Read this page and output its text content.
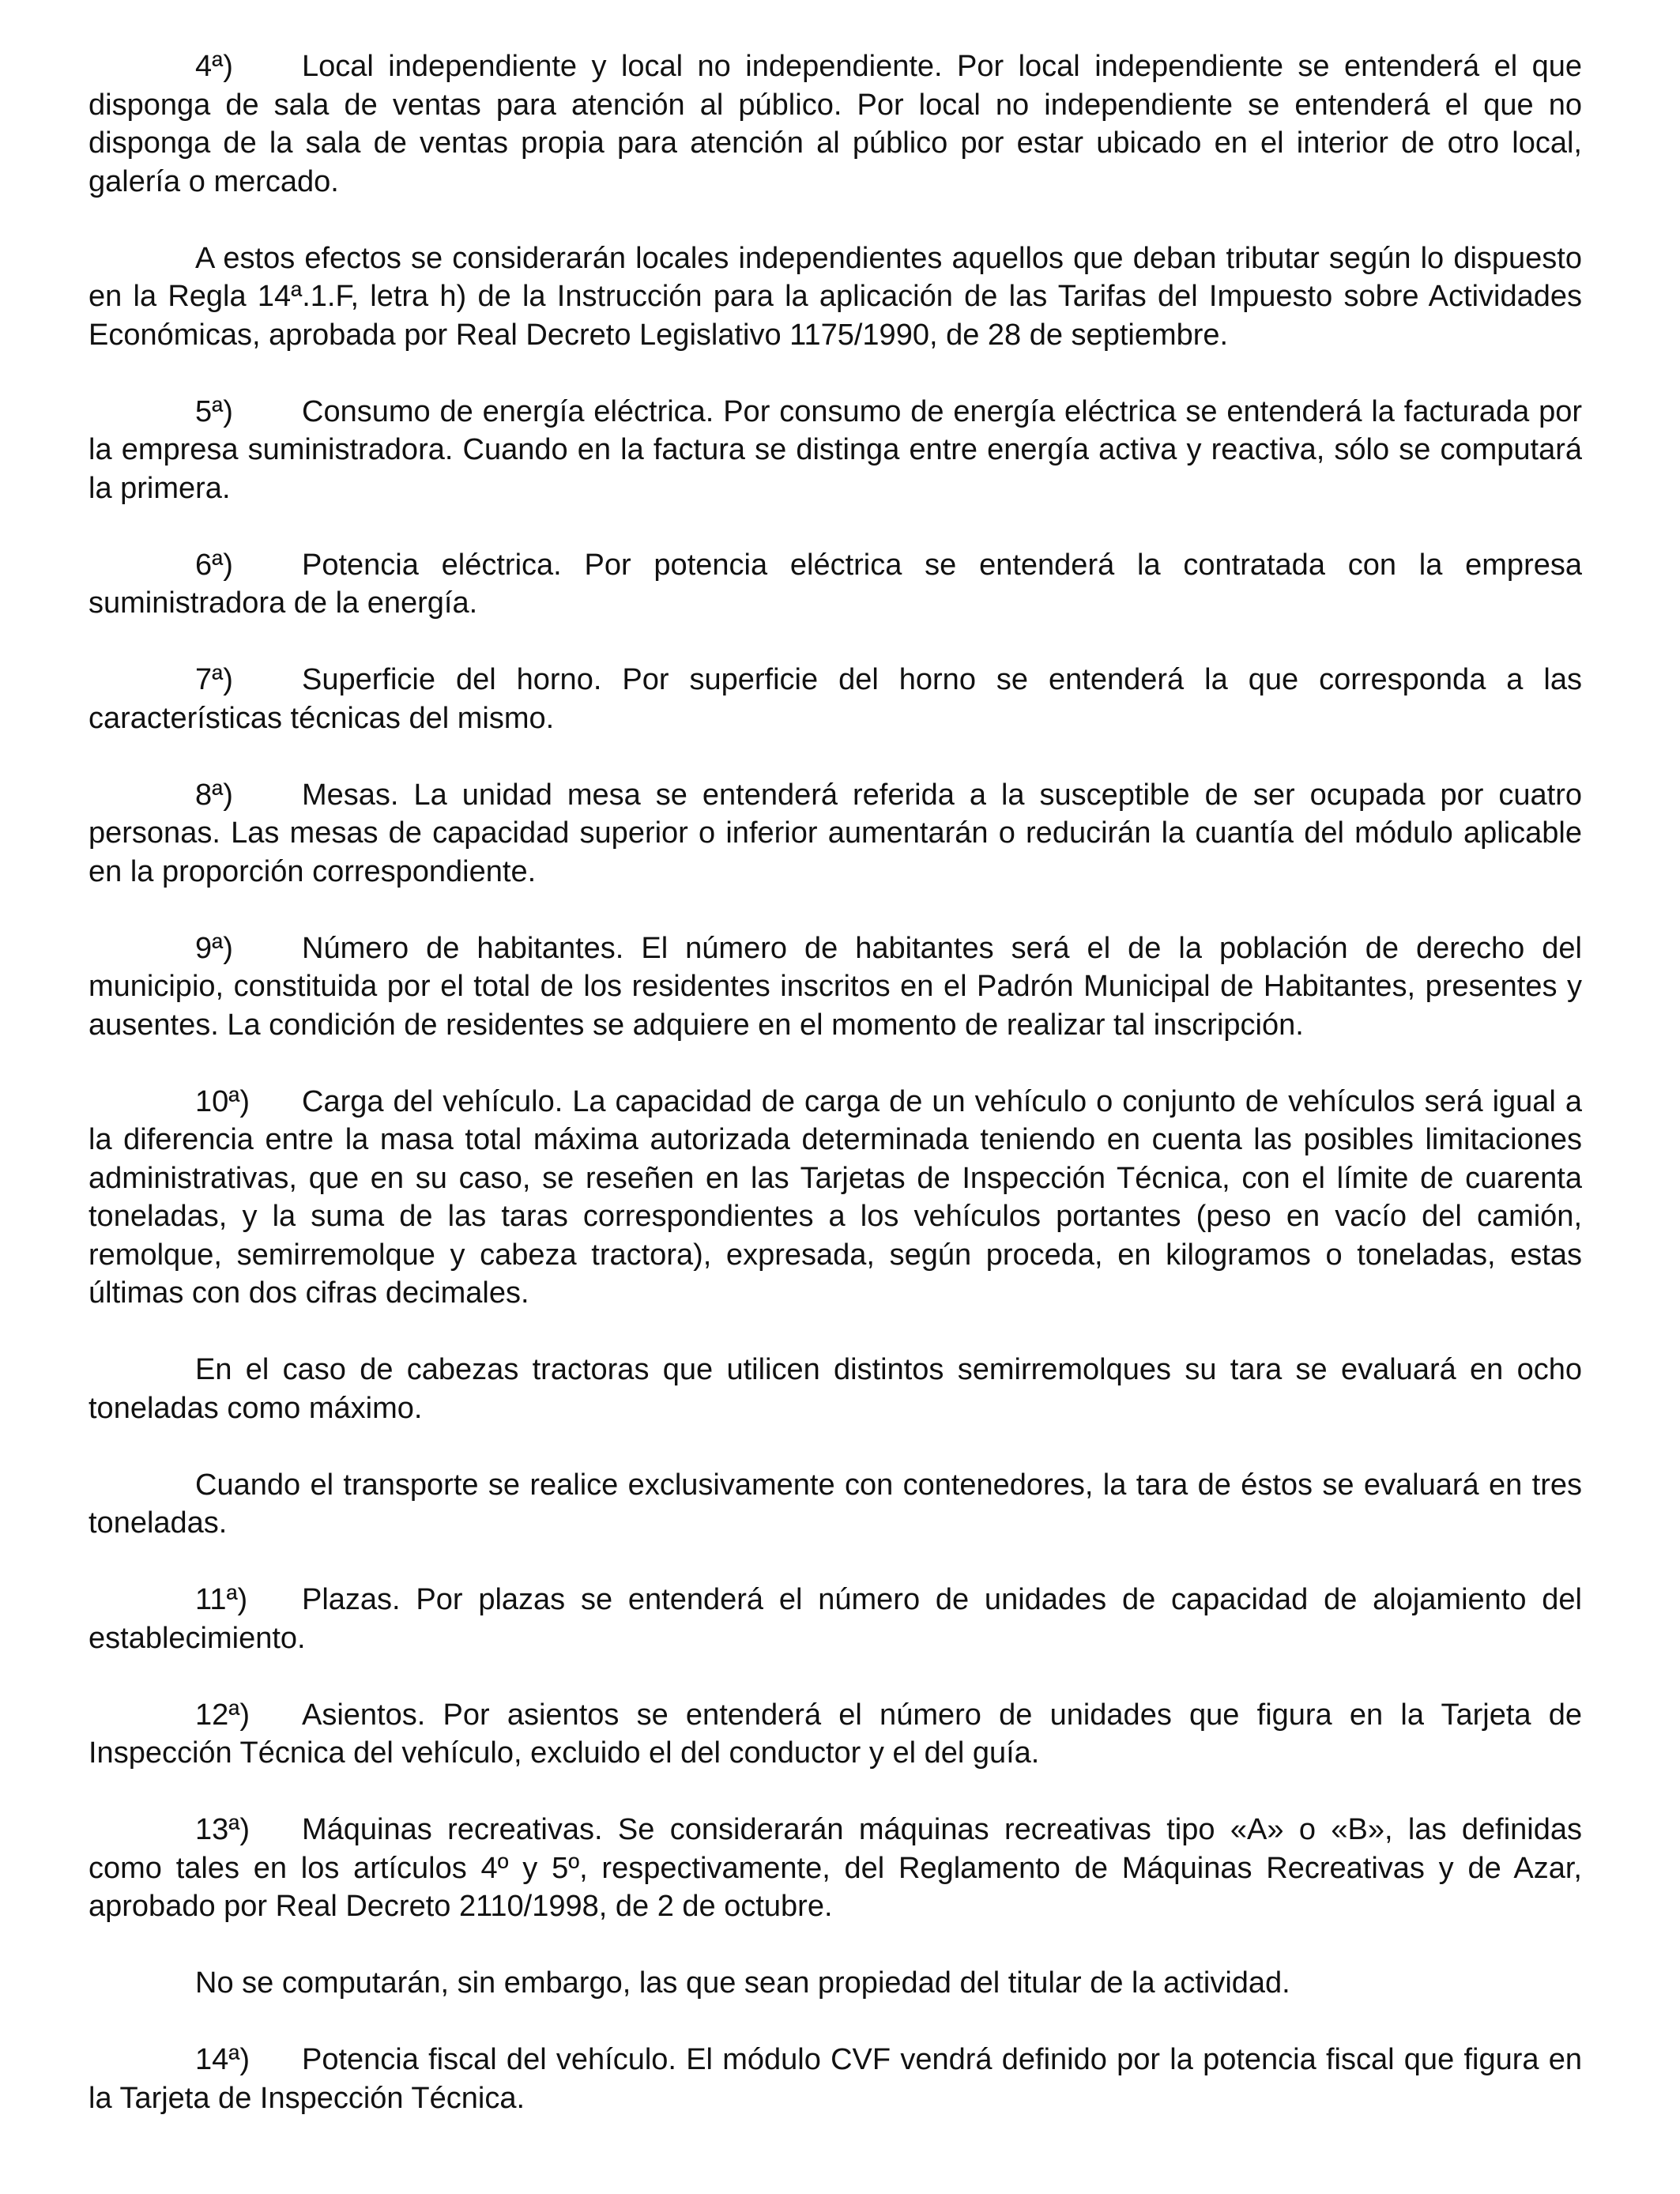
4ª) Local independiente y local no independiente. Por local independiente se entenderá el que disponga de sala de ventas para atención al público. Por local no independiente se entenderá el que no disponga de la sala de ventas propia para atención al público por estar ubicado en el interior de otro local, galería o mercado.

A estos efectos se considerarán locales independientes aquellos que deban tributar según lo dispuesto en la Regla 14ª.1.F, letra h) de la Instrucción para la aplicación de las Tarifas del Impuesto sobre Actividades Económicas, aprobada por Real Decreto Legislativo 1175/1990, de 28 de septiembre.

5ª) Consumo de energía eléctrica. Por consumo de energía eléctrica se entenderá la facturada por la empresa suministradora. Cuando en la factura se distinga entre energía activa y reactiva, sólo se computará la primera.

6ª) Potencia eléctrica. Por potencia eléctrica se entenderá la contratada con la empresa suministradora de la energía.

7ª) Superficie del horno. Por superficie del horno se entenderá la que corresponda a las características técnicas del mismo.

8ª) Mesas. La unidad mesa se entenderá referida a la susceptible de ser ocupada por cuatro personas. Las mesas de capacidad superior o inferior aumentarán o reducirán la cuantía del módulo aplicable en la proporción correspondiente.

9ª) Número de habitantes. El número de habitantes será el de la población de derecho del municipio, constituida por el total de los residentes inscritos en el Padrón Municipal de Habitantes, presentes y ausentes. La condición de residentes se adquiere en el momento de realizar tal inscripción.

10ª) Carga del vehículo. La capacidad de carga de un vehículo o conjunto de vehículos será igual a la diferencia entre la masa total máxima autorizada determinada teniendo en cuenta las posibles limitaciones administrativas, que en su caso, se reseñen en las Tarjetas de Inspección Técnica, con el límite de cuarenta toneladas, y la suma de las taras correspondientes a los vehículos portantes (peso en vacío del camión, remolque, semirremolque y cabeza tractora), expresada, según proceda, en kilogramos o toneladas, estas últimas con dos cifras decimales.

En el caso de cabezas tractoras que utilicen distintos semirremolques su tara se evaluará en ocho toneladas como máximo.

Cuando el transporte se realice exclusivamente con contenedores, la tara de éstos se evaluará en tres toneladas.

11ª) Plazas. Por plazas se entenderá el número de unidades de capacidad de alojamiento del establecimiento.

12ª) Asientos. Por asientos se entenderá el número de unidades que figura en la Tarjeta de Inspección Técnica del vehículo, excluido el del conductor y el del guía.

13ª) Máquinas recreativas. Se considerarán máquinas recreativas tipo «A» o «B», las definidas como tales en los artículos 4º y 5º, respectivamente, del Reglamento de Máquinas Recreativas y de Azar, aprobado por Real Decreto 2110/1998, de 2 de octubre.

No se computarán, sin embargo, las que sean propiedad del titular de la actividad.

14ª) Potencia fiscal del vehículo. El módulo CVF vendrá definido por la potencia fiscal que figura en la Tarjeta de Inspección Técnica.
